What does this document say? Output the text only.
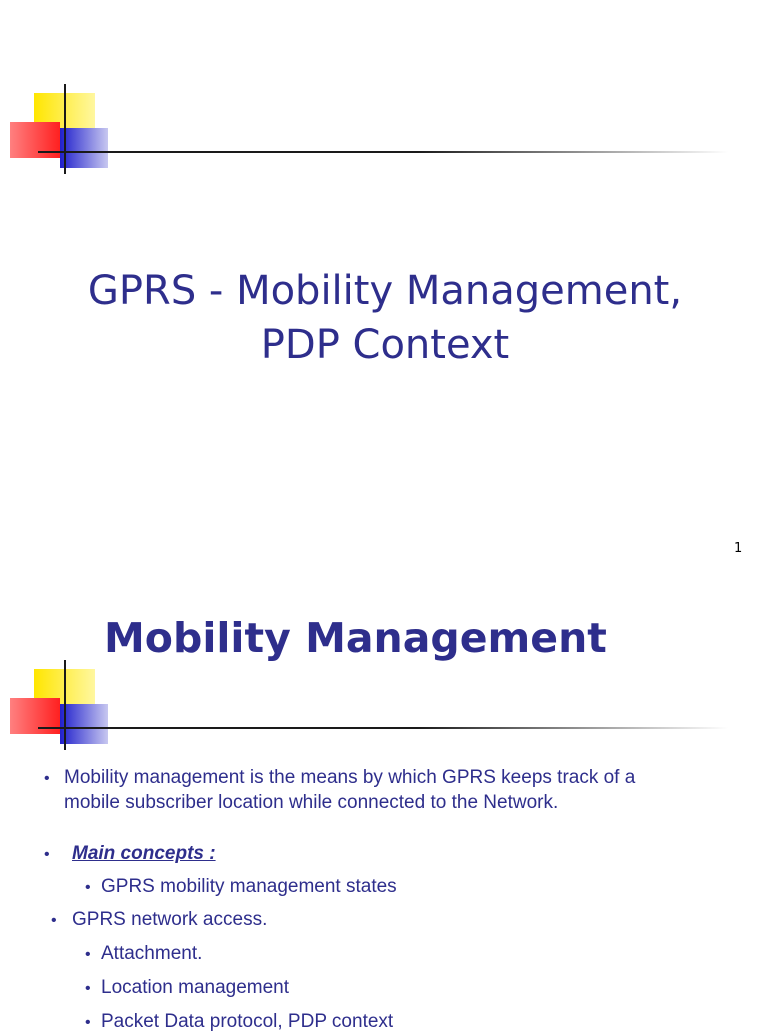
GPRS - Mobility Management,
PDP Context
1
Mobility Management
• Mobility management is the means by which GPRS keeps track of a
mobile subscriber location while connected to the Network.
• Main concepts :
• GPRS mobility management states
• GPRS network access.
• Attachment.
• Location management
• Packet Data protocol, PDP context
